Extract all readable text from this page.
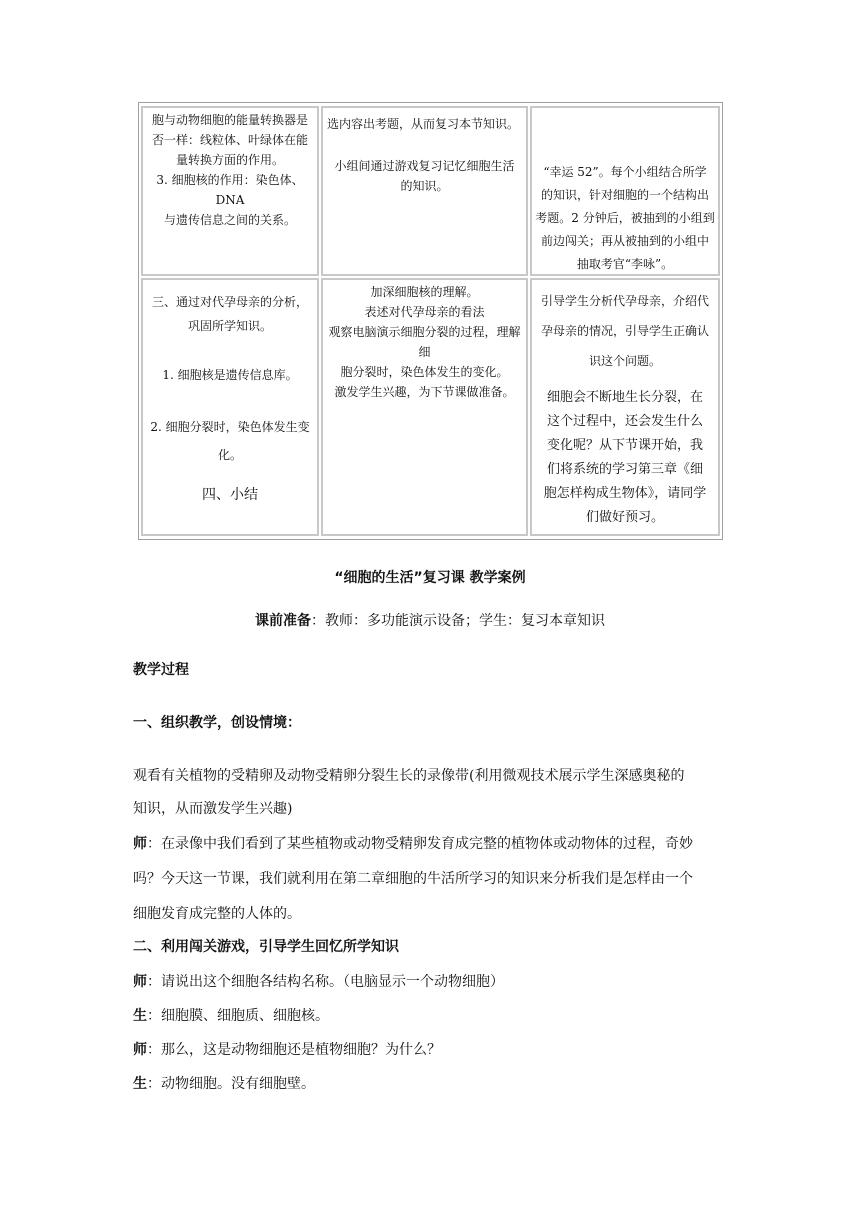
胞与动物细胞的能量转换器是

否一样：线粒体、叶绿体在能

量转换方面的作用。

3. 细胞核的作用：染色体、DNA

与遗传信息之间的关系。

选内容出考题，从而复习本节知识。

小组间通过游戏复习记忆细胞生活

的知识。

“幸运 52”。每个小组结合所学

的知识，针对细胞的一个结构出

考题。2 分钟后，被抽到的小组到

前边闯关；再从被抽到的小组中

抽取考官“李咏”。

三、通过对代孕母亲的分析，

巩固所学知识。

1. 细胞核是遗传信息库。

2. 细胞分裂时，染色体发生变

化。

四、小结

加深细胞核的理解。

表述对代孕母亲的看法

观察电脑演示细胞分裂的过程，理解

细

胞分裂时，染色体发生的变化。

激发学生兴趣，为下节课做准备。

引导学生分析代孕母亲，介绍代

孕母亲的情况，引导学生正确认

识这个问题。

细胞会不断地生长分裂，在

这个过程中，还会发生什么

变化呢？从下节课开始，我

们将系统的学习第三章《细

胞怎样构成生物体》，请同学

们做好预习。

“细胞的生活”复习课 教学案例
课前准备：教师：多功能演示设备；学生：复习本章知识
教学过程
一、组织教学，创设情境：
观看有关植物的受精卵及动物受精卵分裂生长的录像带(利用微观技术展示学生深感奥秘的
知识，从而激发学生兴趣)
师：在录像中我们看到了某些植物或动物受精卵发育成完整的植物体或动物体的过程，奇妙
吗？今天这一节课，我们就利用在第二章细胞的牛活所学习的知识来分析我们是怎样由一个
细胞发育成完整的人体的。
二、利用闯关游戏，引导学生回忆所学知识
师：请说出这个细胞各结构名称。（电脑显示一个动物细胞）
生：细胞膜、细胞质、细胞核。
师：那么，这是动物细胞还是植物细胞？为什么？
生：动物细胞。没有细胞壁。
